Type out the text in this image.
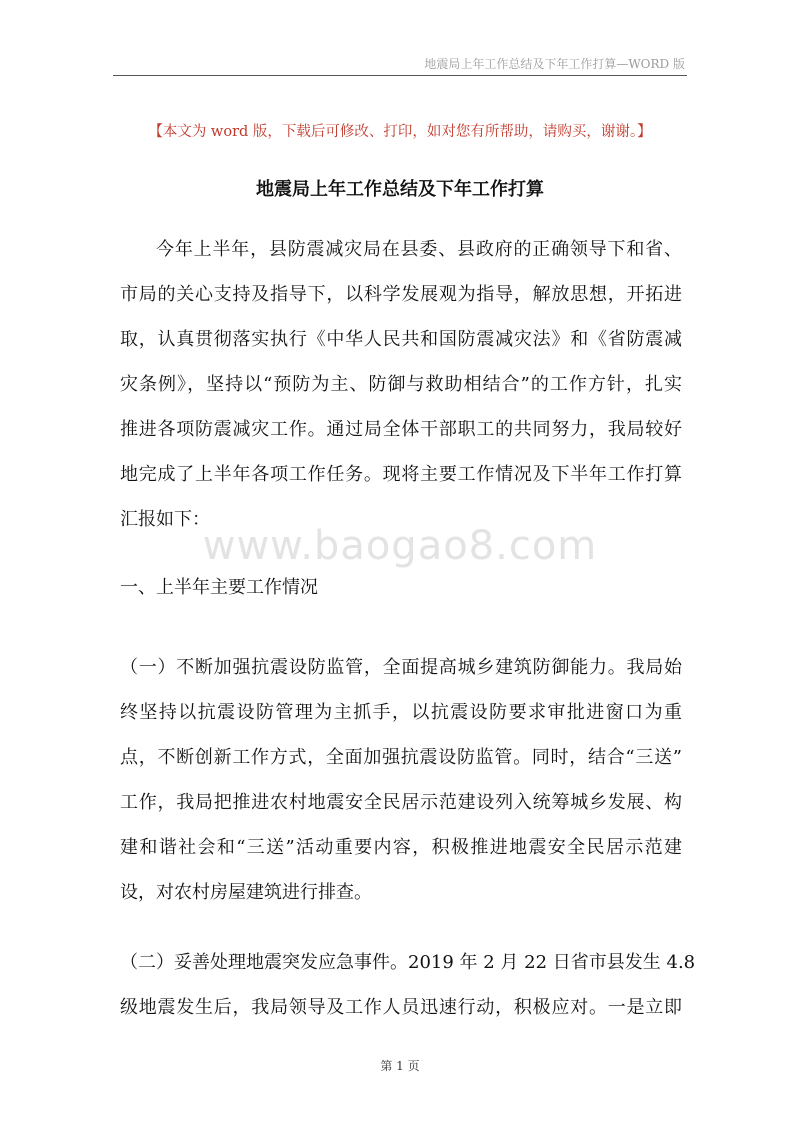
地震局上年工作总结及下年工作打算—WORD 版
【本文为 word 版，下载后可修改、打印，如对您有所帮助，请购买，谢谢。】
地震局上年工作总结及下年工作打算
今年上半年，县防震减灾局在县委、县政府的正确领导下和省、
市局的关心支持及指导下，以科学发展观为指导，解放思想，开拓进
取，认真贯彻落实执行《中华人民共和国防震减灾法》和《省防震减
灾条例》，坚持以“预防为主、防御与救助相结合”的工作方针，扎实
推进各项防震减灾工作。通过局全体干部职工的共同努力，我局较好
地完成了上半年各项工作任务。现将主要工作情况及下半年工作打算
汇报如下：
www.baogao8.com
一、上半年主要工作情况
（一）不断加强抗震设防监管，全面提高城乡建筑防御能力。我局始
终坚持以抗震设防管理为主抓手，以抗震设防要求审批进窗口为重
点，不断创新工作方式，全面加强抗震设防监管。同时，结合“三送”
工作，我局把推进农村地震安全民居示范建设列入统筹城乡发展、构
建和谐社会和“三送”活动重要内容，积极推进地震安全民居示范建
设，对农村房屋建筑进行排查。
（二）妥善处理地震突发应急事件。2019 年 2 月 22 日省市县发生 4.8
级地震发生后，我局领导及工作人员迅速行动，积极应对。一是立即
第 1 页
